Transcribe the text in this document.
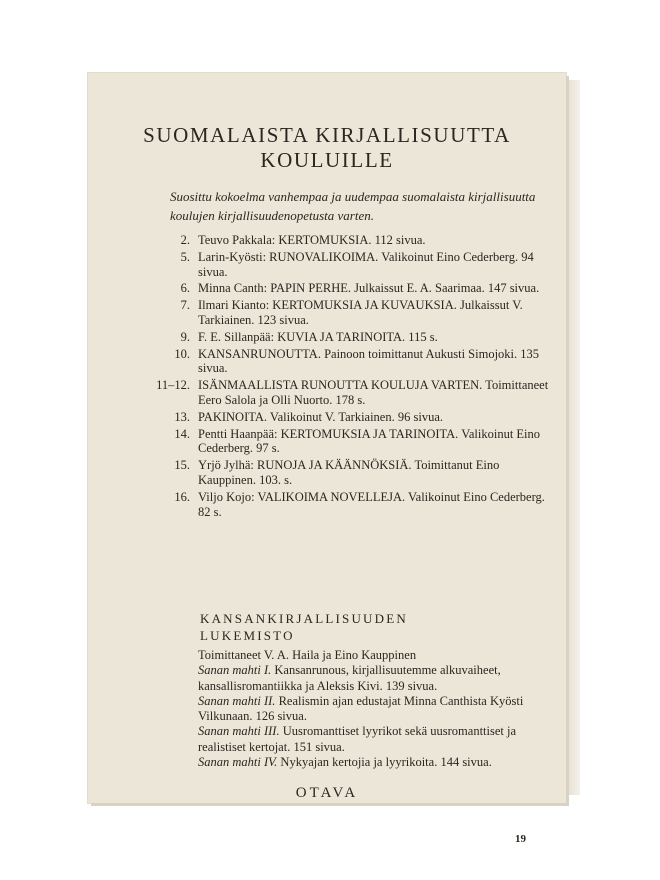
SUOMALAISTA KIRJALLISUUTTA
KOULUILLE

Suosittu kokoelma vanhempaa ja uudempaa suomalaista kirjallisuutta koulujen kirjallisuudenopetusta varten.

2. Teuvo Pakkala: KERTOMUKSIA. 112 sivua.
5. Larin-Kyösti: RUNOVALIKOIMA. Valikoinut Eino Cederberg. 94 sivua.
6. Minna Canth: PAPIN PERHE. Julkaissut E. A. Saarimaa. 147 sivua.
7. Ilmari Kianto: KERTOMUKSIA JA KUVAUKSIA. Julkaissut V. Tarkiainen. 123 sivua.
9. F. E. Sillanpää: KUVIA JA TARINOITA. 115 s.
10. KANSANRUNOUTTA. Painoon toimittanut Aukusti Simojoki. 135 sivua.
11–12. ISÄNMAALLISTA RUNOUTTA KOULUJA VARTEN. Toimittaneet Eero Salola ja Olli Nuorto. 178 s.
13. PAKINOITA. Valikoinut V. Tarkiainen. 96 sivua.
14. Pentti Haanpää: KERTOMUKSIA JA TARINOITA. Valikoinut Eino Cederberg. 97 s.
15. Yrjö Jylhä: RUNOJA JA KÄÄNNÖKSIÄ. Toimittanut Eino Kauppinen. 103. s.
16. Viljo Kojo: VALIKOIMA NOVELLEJA. Valikoinut Eino Cederberg. 82 s.
KANSANKIRJALLISUUDEN
LUKEMISTO

Toimittaneet V. A. Haila ja Eino Kauppinen

Sanan mahti I. Kansanrunous, kirjallisuutemme alkuvaiheet, kansallisromantiikka ja Aleksis Kivi. 139 sivua.

Sanan mahti II. Realismin ajan edustajat Minna Canthista Kyösti Vilkunaan. 126 sivua.

Sanan mahti III. Uusromanttiset lyyrikot sekä uusromanttiset ja realistiset kertojat. 151 sivua.

Sanan mahti IV. Nykyajan kertojia ja lyyrikoita. 144 sivua.

OTAVA

19
